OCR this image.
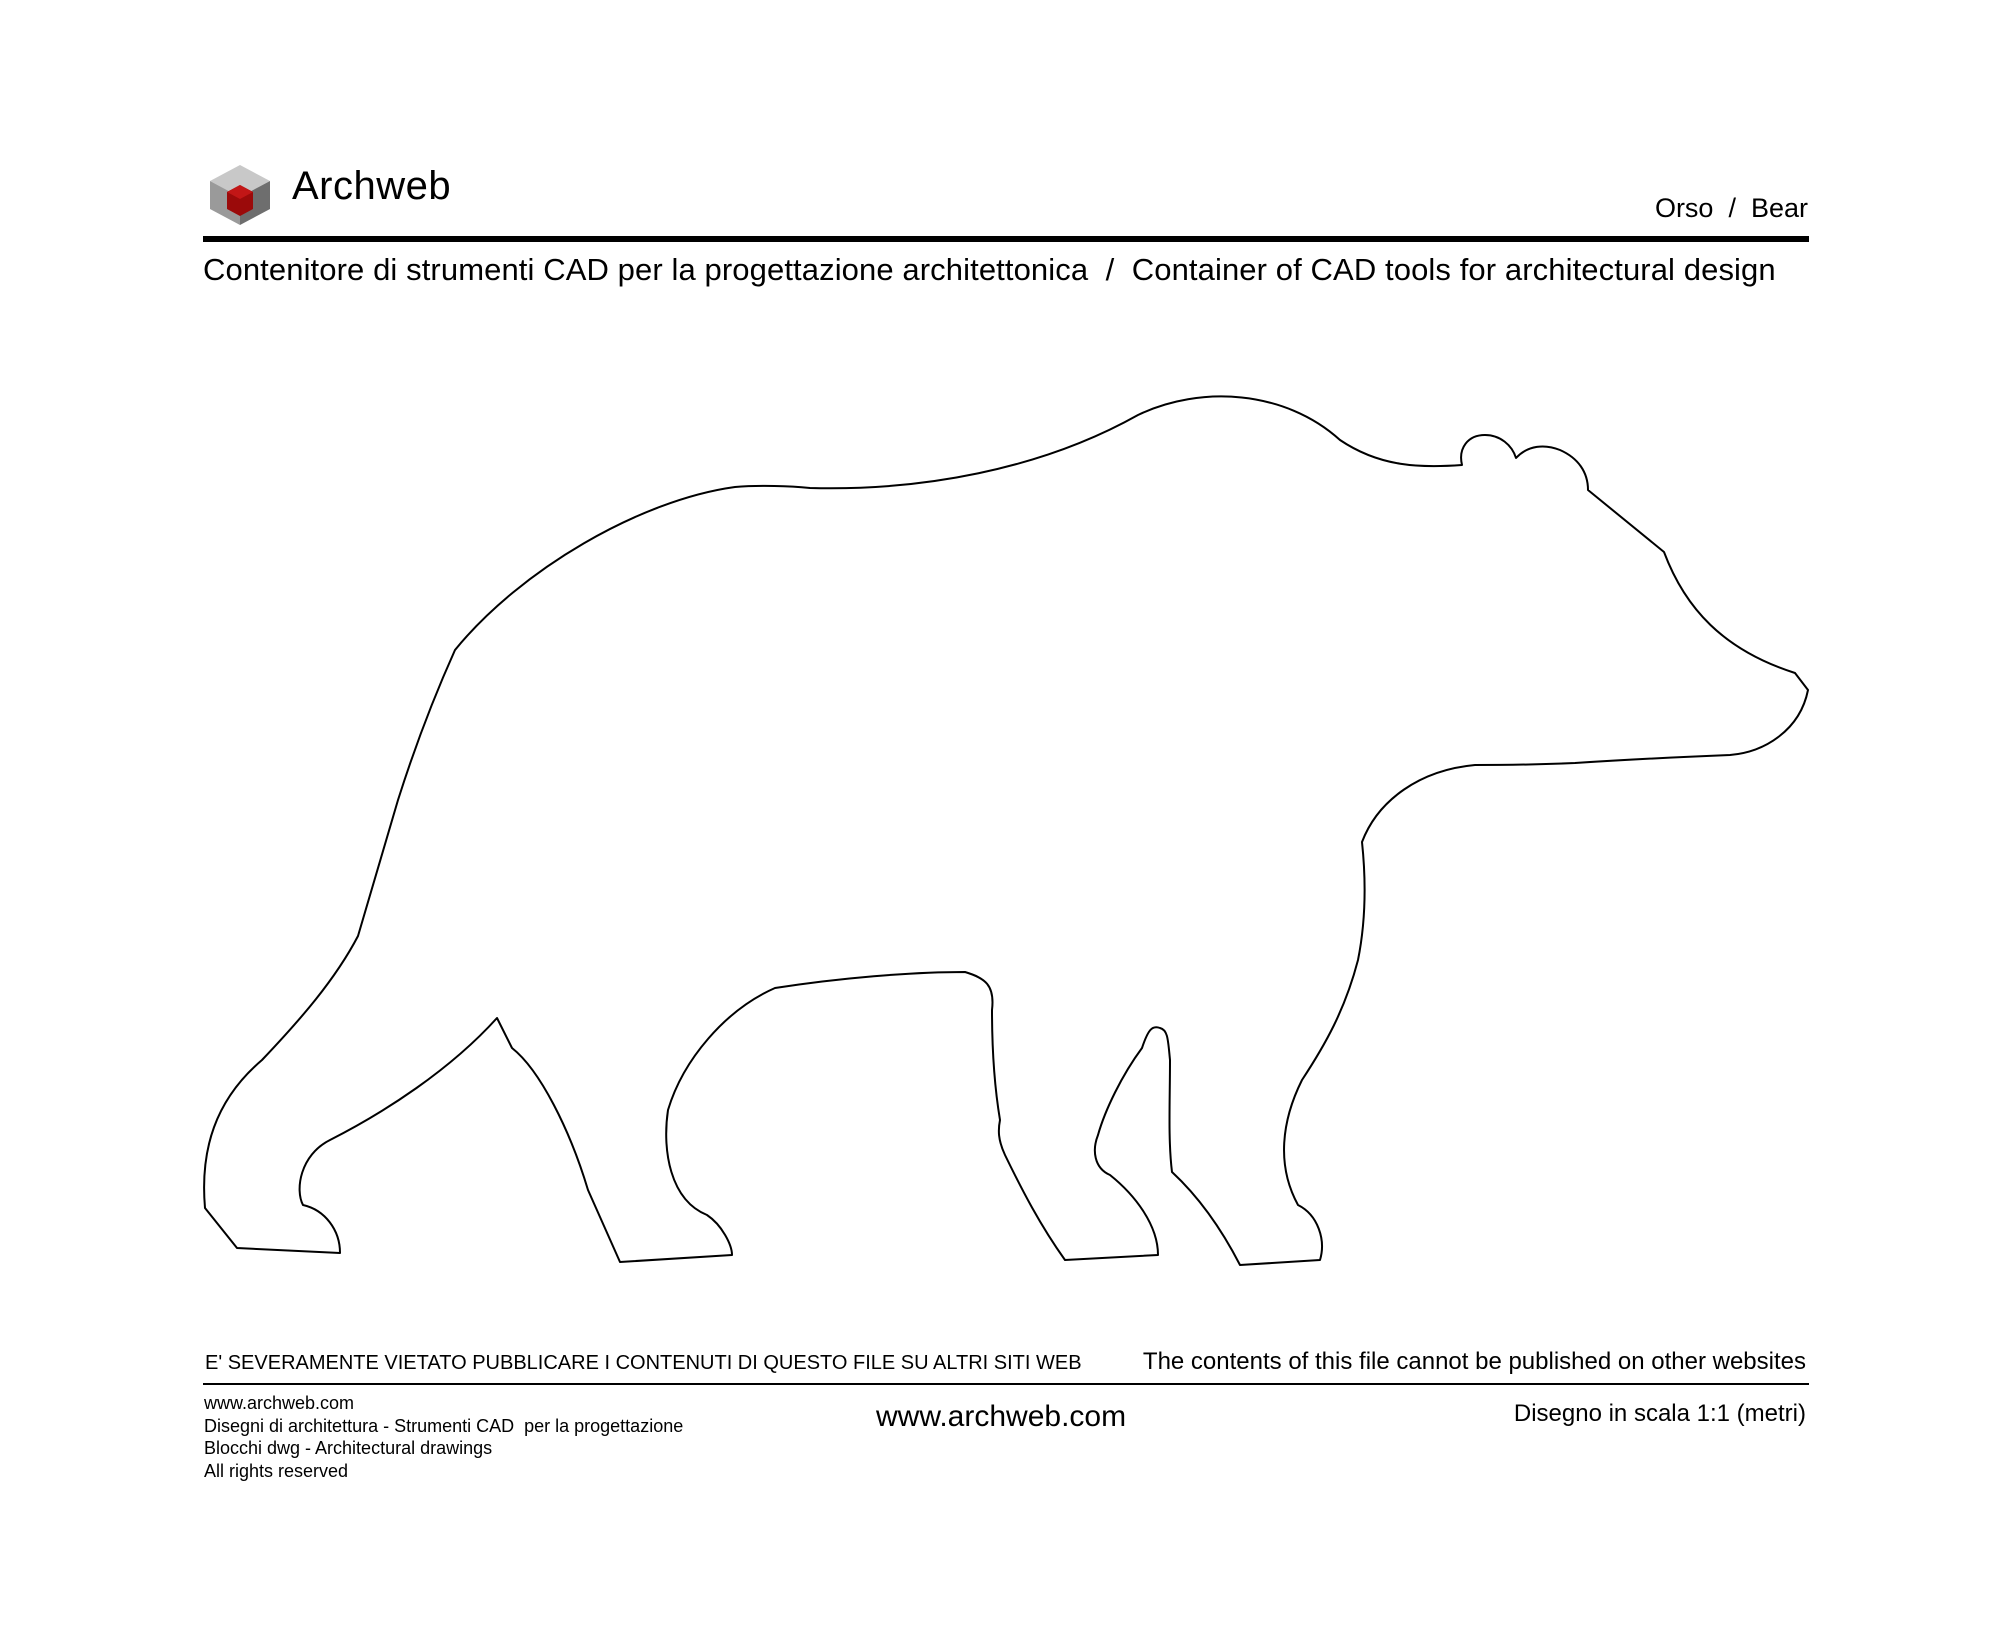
Archweb	Orso  /  Bear
Contenitore di strumenti CAD per la progettazione architettonica  /  Container of CAD tools for architectural design
E' SEVERAMENTE VIETATO PUBBLICARE I CONTENUTI DI QUESTO FILE SU ALTRI SITI WEB	The contents of this file cannot be published on other websites
www.archweb.com
Disegni di architettura - Strumenti CAD  per la progettazione
Blocchi dwg - Architectural drawings
All rights reserved
www.archweb.com	Disegno in scala 1:1 (metri)
